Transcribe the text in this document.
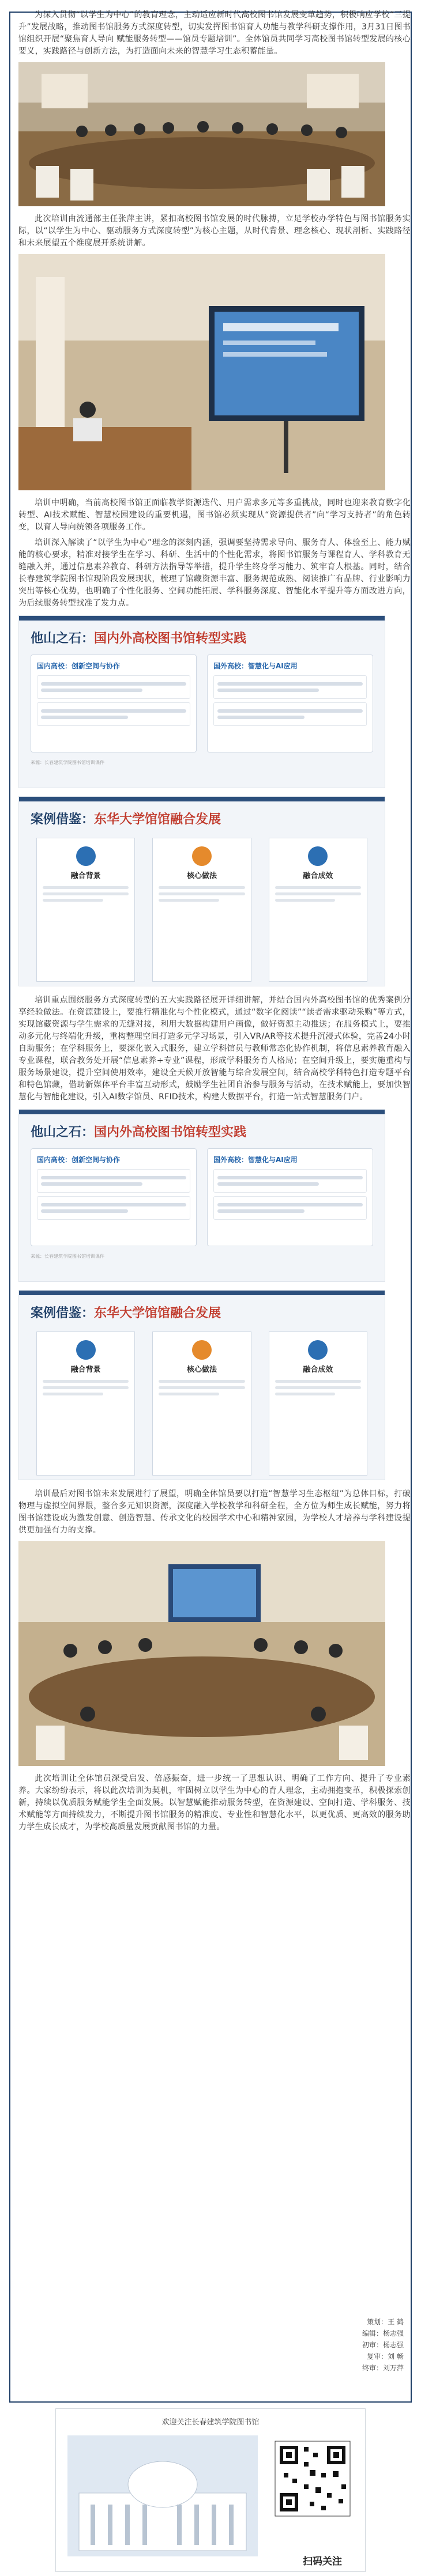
为深入贯彻“以学生为中心”的教育理念，主动适应新时代高校图书馆发展变革趋势，积极响应学校“三提升”发展战略，推动图书馆服务方式深度转型，切实发挥图书馆育人功能与教学科研支撑作用，3月31日图书馆组织开展“聚焦育人导向 赋能服务转型——馆员专题培训”。全体馆员共同学习高校图书馆转型发展的核心要义，实践路径与创新方法，为打造面向未来的智慧学习生态积蓄能量。

此次培训由流通部主任张萍主讲，紧扣高校图书馆发展的时代脉搏，立足学校办学特色与图书馆服务实际，以“以学生为中心、驱动服务方式深度转型”为核心主题，从时代背景、理念核心、现状剖析、实践路径和未来展望五个维度展开系统讲解。

培训中明确，当前高校图书馆正面临教学资源迭代、用户需求多元等多重挑战，同时也迎来教育数字化转型、AI技术赋能、智慧校园建设的重要机遇，图书馆必须实现从“资源提供者”向“学习支持者”的角色转变，以育人导向统领各项服务工作。

培训深入解读了“以学生为中心”理念的深刻内涵，强调要坚持需求导向、服务育人、体验至上、能力赋能的核心要求，精准对接学生在学习、科研、生活中的个性化需求，将图书馆服务与课程育人、学科教育无缝融入并，通过信息素养教育、科研方法指导等举措，提升学生终身学习能力、筑牢育人根基。同时，结合长春建筑学院图书馆现阶段发展现状，梳理了馆藏资源丰富、服务规范成熟、阅读推广有品牌、行业影响力突出等核心优势，也明确了个性化服务、空间功能拓展、学科服务深度、智能化水平提升等方面改进方向，为后续服务转型找准了发力点。

他山之石：国内外高校图书馆转型实践
国内高校：创新空间与协作	国外高校：智慧化与AI应用
来源：长春建筑学院图书馆培训课件
案例借鉴：东华大学馆馆融合发展
融合背景	核心做法	融合成效

培训重点围绕服务方式深度转型的五大实践路径展开详细讲解，并结合国内外高校图书馆的优秀案例分享经验做法。在资源建设上，要推行精准化与个性化模式，通过“数字化阅读”“读者需求驱动采购”等方式，实现馆藏资源与学生需求的无缝对接，利用大数据构建用户画像，做好资源主动推送；在服务模式上，要推动多元化与终端化升级，重构整理空间打造多元学习场景，引入VR/AR等技术提升沉浸式体验，完善24小时自助服务；在学科服务上，要深化嵌入式服务，建立学科馆员与教师常态化协作机制，将信息素养教育融入专业课程，联合教务处开展“信息素养+专业”课程，形成学科服务育人格局；在空间升级上，要实施重构与服务场景建设，提升空间使用效率，建设全天候开放智能与综合发展空间，结合高校学科特色打造专题平台和特色馆藏，借助新媒体平台丰富互动形式，鼓励学生社团自治参与服务与活动，在技术赋能上，要加快智慧化与智能化建设，引入AI数字馆员、RFID技术，构建大数据平台，打造一站式智慧服务门户。

他山之石：国内外高校图书馆转型实践
国内高校：创新空间与协作	国外高校：智慧化与AI应用
来源：长春建筑学院图书馆培训课件
案例借鉴：东华大学馆馆融合发展
融合背景	核心做法	融合成效

培训最后对图书馆未来发展进行了展望，明确全体馆员要以打造“智慧学习生态枢纽”为总体目标，打破物理与虚拟空间界限，整合多元知识资源，深度融入学校教学和科研全程，全方位为师生成长赋能，努力将图书馆建设成为激发创意、创造智慧、传承文化的校园学术中心和精神家园，为学校人才培养与学科建设提供更加强有力的支撑。

此次培训让全体馆员深受启发、倍感振奋，进一步统一了思想认识、明确了工作方向、提升了专业素养。大家纷纷表示，将以此次培训为契机，牢固树立以学生为中心的育人理念，主动拥抱变革，积极探索创新，持续以优质服务赋能学生全面发展。以智慧赋能推动服务转型，在资源建设、空间打造、学科服务、技术赋能等方面持续发力，不断提升图书馆服务的精准度、专业性和智慧化水平，以更优质、更高效的服务助力学生成长成才，为学校高质量发展贡献图书馆的力量。

策划：王 鹤
编辑：杨志强
初审：杨志强
复审：刘 畅
终审：刘万萍
欢迎关注长春建筑学院图书馆
扫码关注
